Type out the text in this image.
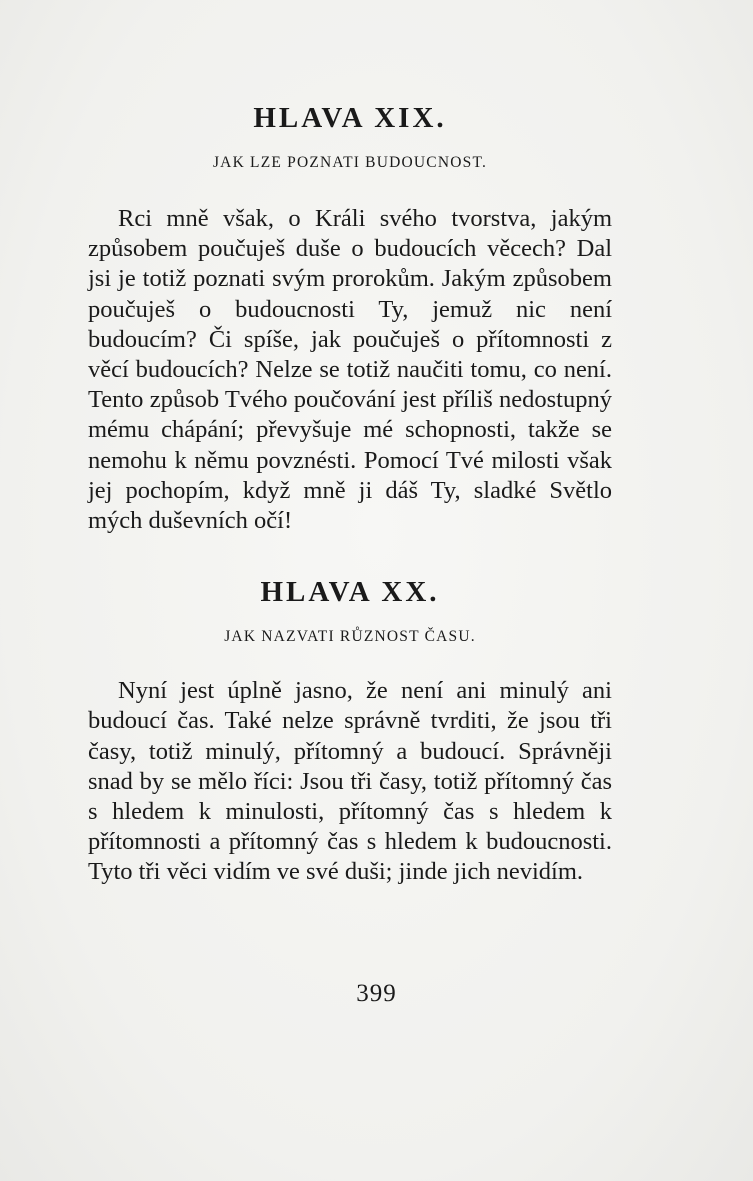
HLAVA XIX.
JAK LZE POZNATI BUDOUCNOST.

Rci mně však, o Králi svého tvorstva, jakým způsobem poučuješ duše o budoucích věcech? Dal jsi je totiž poznati svým prorokům. Jakým způsobem poučuješ o budoucnosti Ty, jemuž nic není budoucím? Či spíše, jak poučuješ o přítomnosti z věcí budoucích? Nelze se totiž naučiti tomu, co není. Tento způsob Tvého poučování jest příliš nedostupný mému chápání; převyšuje mé schopnosti, takže se nemohu k němu povznésti. Pomocí Tvé milosti však jej pochopím, když mně ji dáš Ty, sladké Světlo mých duševních očí!

HLAVA XX.
JAK NAZVATI RŮZNOST ČASU.

Nyní jest úplně jasno, že není ani minulý ani budoucí čas. Také nelze správně tvrditi, že jsou tři časy, totiž minulý, přítomný a budoucí. Správněji snad by se mělo říci: Jsou tři časy, totiž přítomný čas s hledem k minulosti, přítomný čas s hledem k přítomnosti a přítomný čas s hledem k budoucnosti. Tyto tři věci vidím ve své duši; jinde jich nevidím.

399
